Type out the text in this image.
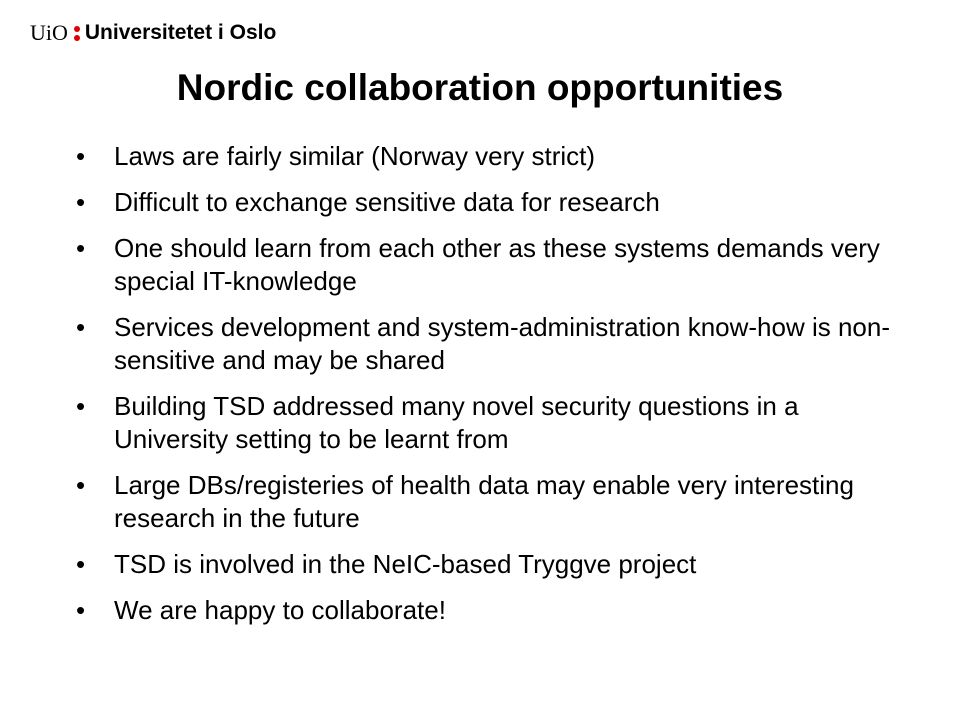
UiO Universitetet i Oslo
Nordic collaboration opportunities
• Laws are fairly similar (Norway very strict)
• Difficult to exchange sensitive data for research
• One should learn from each other as these systems demands very special IT-knowledge
• Services development and system-administration know-how is non-sensitive and may be shared
• Building TSD addressed many novel security questions in a University setting to be learnt from
• Large DBs/registeries of health data may enable very interesting research in the future
• TSD is involved in the NeIC-based Tryggve project
• We are happy to collaborate!
